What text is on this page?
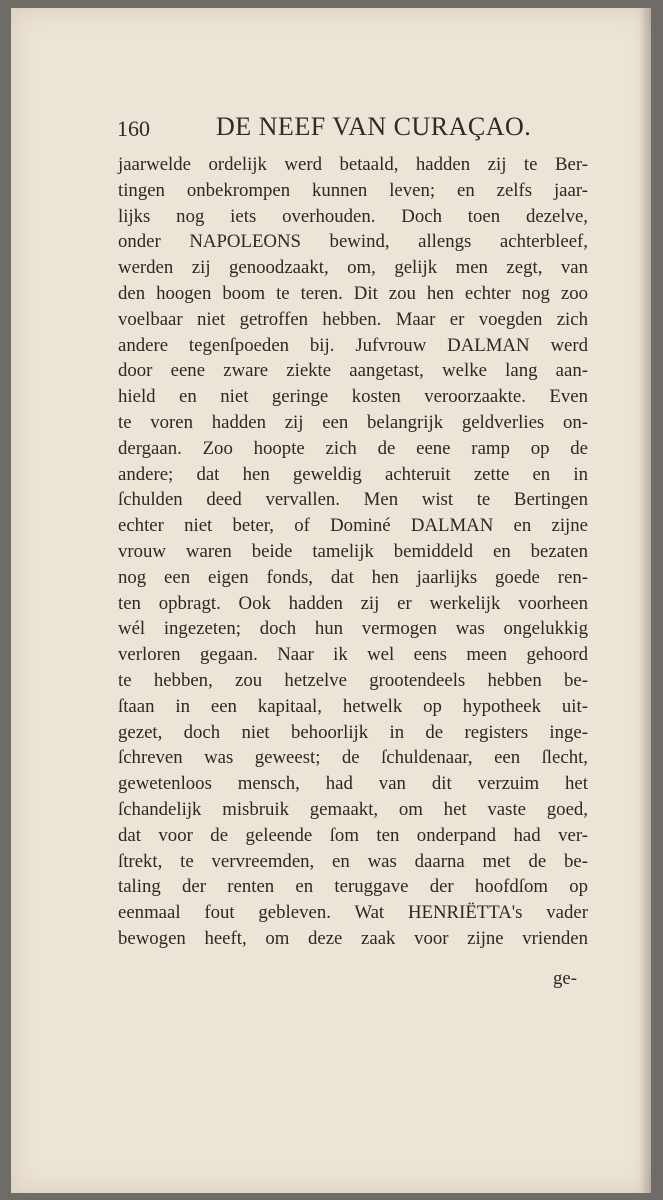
160	DE NEEF VAN CURAÇAO.
jaarwelde ordelijk werd betaald, hadden zij te Ber-
tingen onbekrompen kunnen leven; en zelfs jaar-
lijks nog iets overhouden. Doch toen dezelve,
onder NAPOLEONS bewind, allengs achterbleef,
werden zij genoodzaakt, om, gelijk men zegt, van
den hoogen boom te teren. Dit zou hen echter nog zoo
voelbaar niet getroffen hebben. Maar er voegden zich
andere tegenſpoeden bij. Jufvrouw DALMAN werd
door eene zware ziekte aangetast, welke lang aan-
hield en niet geringe kosten veroorzaakte. Even
te voren hadden zij een belangrijk geldverlies on-
dergaan. Zoo hoopte zich de eene ramp op de
andere; dat hen geweldig achteruit zette en in
ſchulden deed vervallen. Men wist te Bertingen
echter niet beter, of Dominé DALMAN en zijne
vrouw waren beide tamelijk bemiddeld en bezaten
nog een eigen fonds, dat hen jaarlijks goede ren-
ten opbragt. Ook hadden zij er werkelijk voorheen
wél ingezeten; doch hun vermogen was ongelukkig
verloren gegaan. Naar ik wel eens meen gehoord
te hebben, zou hetzelve grootendeels hebben be-
ſtaan in een kapitaal, hetwelk op hypotheek uit-
gezet, doch niet behoorlijk in de registers inge-
ſchreven was geweest; de ſchuldenaar, een ſlecht,
gewetenloos mensch, had van dit verzuim het
ſchandelijk misbruik gemaakt, om het vaste goed,
dat voor de geleende ſom ten onderpand had ver-
ſtrekt, te vervreemden, en was daarna met de be-
taling der renten en teruggave der hoofdſom op
eenmaal fout gebleven. Wat HENRIËTTA's vader
bewogen heeft, om deze zaak voor zijne vrienden
ge-
